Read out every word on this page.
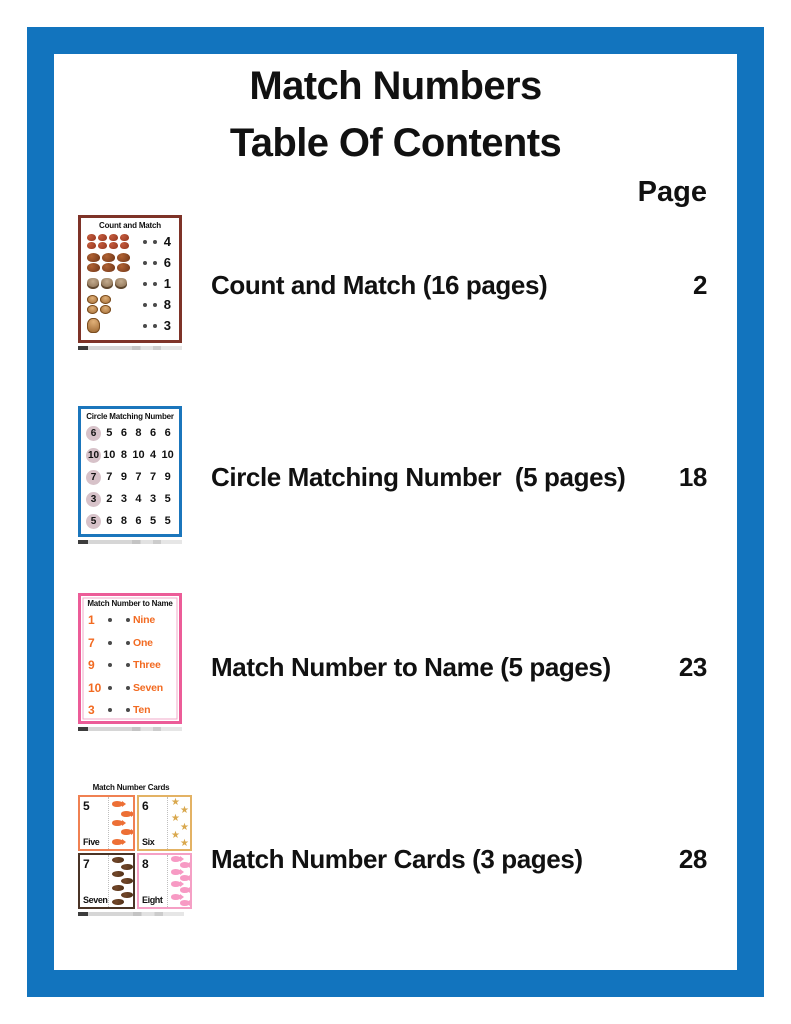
Match Numbers
Table Of Contents
Page
Count and Match (16 pages)	2
Circle Matching Number  (5 pages) 18
Match Number to Name (5 pages)	23
Match Number Cards (3 pages)	28
Count and Match
4
6
1
8
3
Circle Matching Number
6 5 6 8 6 6
10 10 8 10 4 10
7 7 9 7 7 9
3 2 3 4 3 5
5 6 8 6 5 5
Match Number to Name
1	Nine
7	One
9	Three
10	Seven
3	Ten
Match Number Cards
5
Five
6
Six
★
★
★
★
★
★
7
Seven
8
Eight
